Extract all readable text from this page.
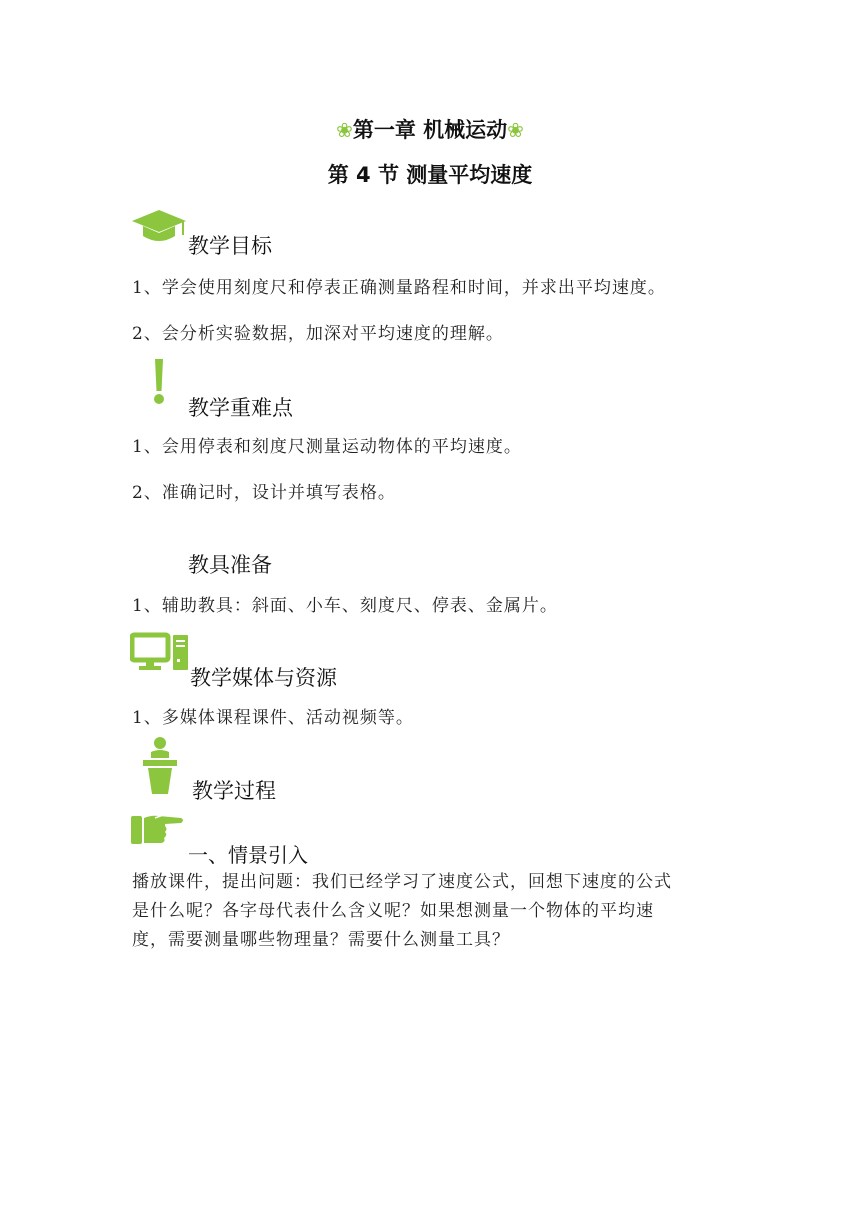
❀第一章 机械运动❀
第 4 节 测量平均速度
教学目标
1、学会使用刻度尺和停表正确测量路程和时间，并求出平均速度。
2、会分析实验数据，加深对平均速度的理解。
教学重难点
1、会用停表和刻度尺测量运动物体的平均速度。
2、准确记时，设计并填写表格。
教具准备
1、辅助教具：斜面、小车、刻度尺、停表、金属片。
教学媒体与资源
1、多媒体课程课件、活动视频等。
教学过程
一、情景引入
播放课件，提出问题：我们已经学习了速度公式，回想下速度的公式
是什么呢？各字母代表什么含义呢？如果想测量一个物体的平均速
度，需要测量哪些物理量？需要什么测量工具？
